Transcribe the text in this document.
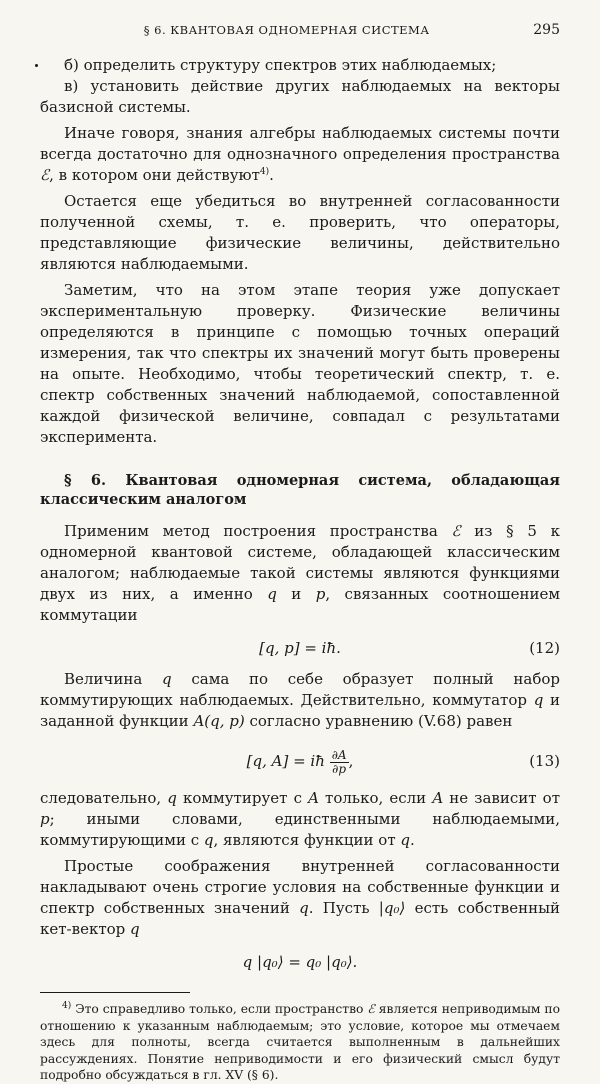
§ 6. КВАНТОВАЯ ОДНОМЕРНАЯ СИСТЕМА	295

б) определить структуру спектров этих наблюдаемых;

в) установить действие других наблюдаемых на векторы базисной системы.

Иначе говоря, знания алгебры наблюдаемых системы почти всегда достаточно для однозначного определения пространства ℰ, в котором они действуют$^{4)}$.

Остается еще убедиться во внутренней согласованности полученной схемы, т. е. проверить, что операторы, представляющие физические величины, действительно являются наблюдаемыми.

Заметим, что на этом этапе теория уже допускает экспериментальную проверку. Физические величины определяются в принципе с помощью точных операций измерения, так что спектры их значений могут быть проверены на опыте. Необходимо, чтобы теоретический спектр, т. е. спектр собственных значений наблюдаемой, сопоставленной каждой физической величине, совпадал с результатами эксперимента.

§ 6. Квантовая одномерная система, обладающая классическим аналогом

Применим метод построения пространства ℰ из § 5 к одномерной квантовой системе, обладающей классическим аналогом; наблюдаемые такой системы являются функциями двух из них, а именно q и p, связанных соотношением коммутации

[q, p] = iħ.	(12)

Величина q сама по себе образует полный набор коммутирующих наблюдаемых. Действительно, коммутатор q и заданной функции A(q, p) согласно уравнению (V.68) равен

[q, A] = iħ $\frac{\partial A}{\partial p}$ ,	(13)

следовательно, q коммутирует с A только, если A не зависит от p; иными словами, единственными наблюдаемыми, коммутирующими с q, являются функции от q.

Простые соображения внутренней согласованности накладывают очень строгие условия на собственные функции и спектр собственных значений q. Пусть |q₀⟩ есть собственный кет-вектор q

q |q₀⟩ = q₀ |q₀⟩.

$^{4)}$ Это справедливо только, если пространство ℰ является неприводимым по отношению к указанным наблюдаемым; это условие, которое мы отмечаем здесь для полноты, всегда считается выполненным в дальнейших рассуждениях. Понятие неприводимости и его физический смысл будут подробно обсуждаться в гл. XV (§ 6).
